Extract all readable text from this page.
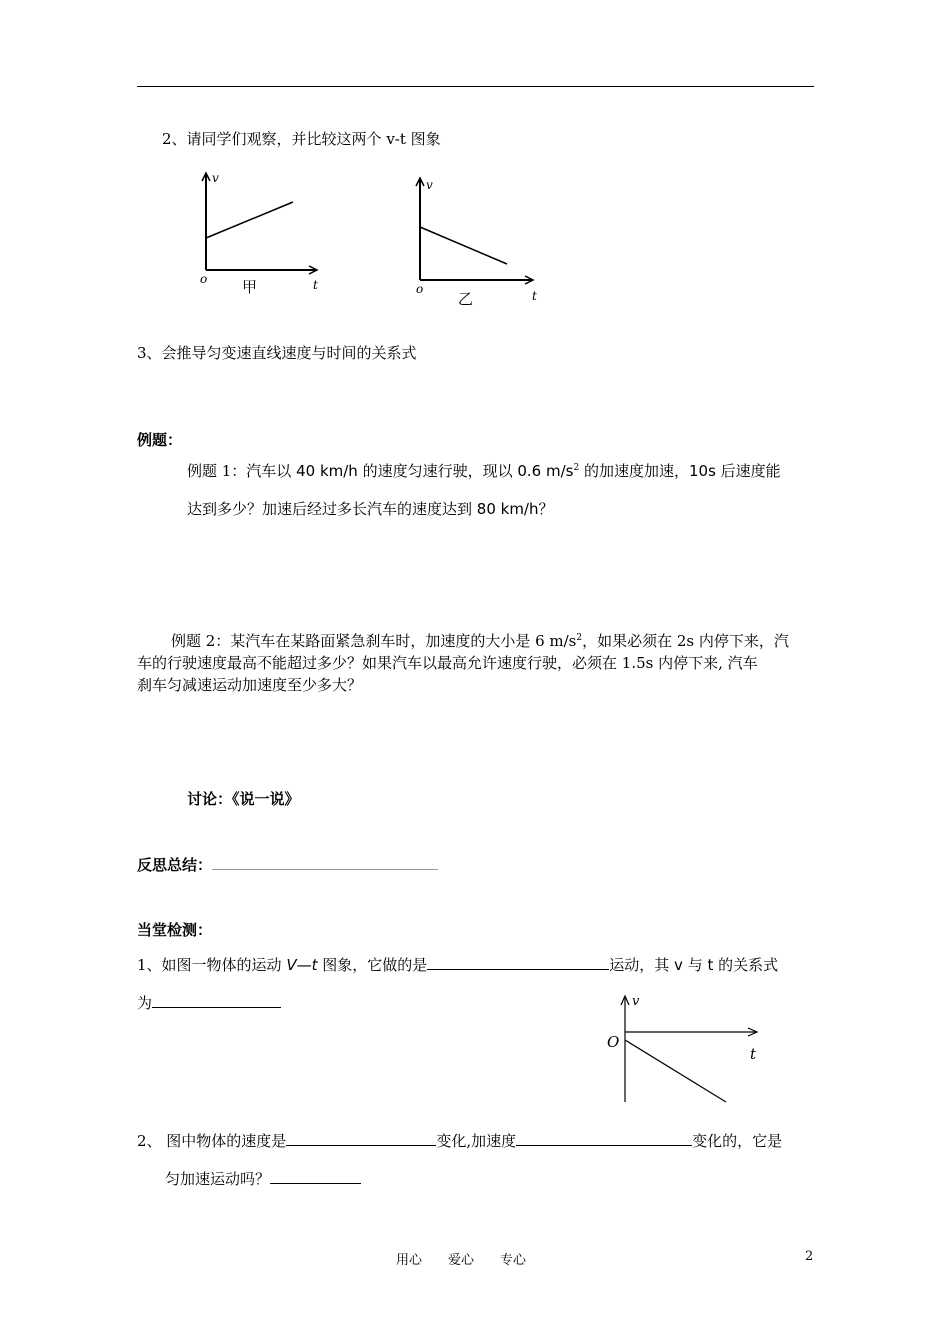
2、请同学们观察，并比较这两个 v-t 图象
v
o 甲	t
v
o
乙	t
3、会推导匀变速直线速度与时间的关系式
例题：
例题 1：汽车以 40 km/h 的速度匀速行驶，现以 0.6 $m/s^2$ 的加速度加速，10s 后速度能
达到多少？加速后经过多长汽车的速度达到 80 km/h？
例题 2：某汽车在某路面紧急刹车时，加速度的大小是 6 $m/s^2$，如果必须在 2s 内停下来，汽
车的行驶速度最高不能超过多少？如果汽车以最高允许速度行驶，必须在 1.5s 内停下来, 汽车
刹车匀减速运动加速度至少多大？
讨论：《说一说》
反思总结：
当堂检测：
1、如图一物体的运动 V—t 图象，它做的是	运动，其 v 与 t 的关系式
为	v
O
t
2、 图中物体的速度是	变化,加速度	变化的，它是
匀加速运动吗？
用心　　爱心　　专心	2
